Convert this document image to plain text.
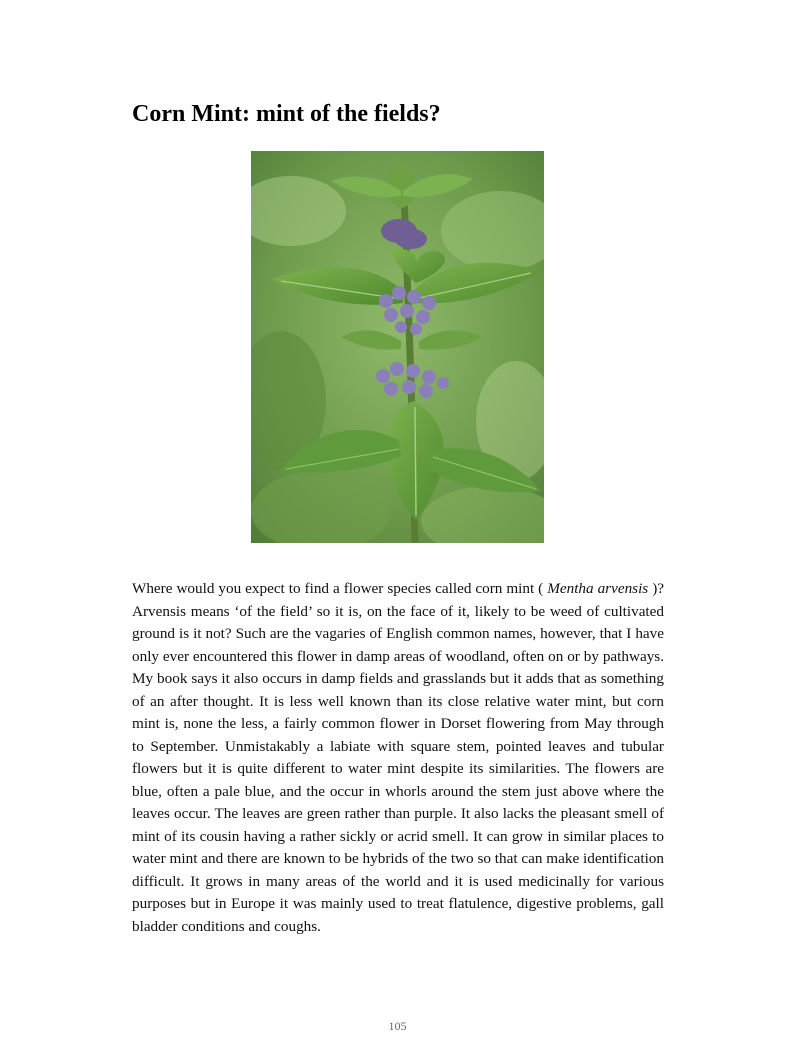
Corn Mint: mint of the fields?

Where would you expect to find a flower species called corn mint ( Mentha arvensis )? Arvensis means ‘of the field’ so it is, on the face of it, likely to be weed of cultivated ground is it not? Such are the vagaries of English common names, however, that I have only ever encountered this flower in damp areas of woodland, often on or by pathways. My book says it also occurs in damp fields and grasslands but it adds that as something of an after thought. It is less well known than its close relative water mint, but corn mint is, none the less, a fairly common flower in Dorset flowering from May through to September. Unmistakably a labiate with square stem, pointed leaves and tubular flowers but it is quite different to water mint despite its similarities. The flowers are blue, often a pale blue, and the occur in whorls around the stem just above where the leaves occur. The leaves are green rather than purple. It also lacks the pleasant smell of mint of its cousin having a rather sickly or acrid smell. It can grow in similar places to water mint and there are known to be hybrids of the two so that can make identification difficult. It grows in many areas of the world and it is used medicinally for various purposes but in Europe it was mainly used to treat flatulence, digestive problems, gall bladder conditions and coughs.

105
